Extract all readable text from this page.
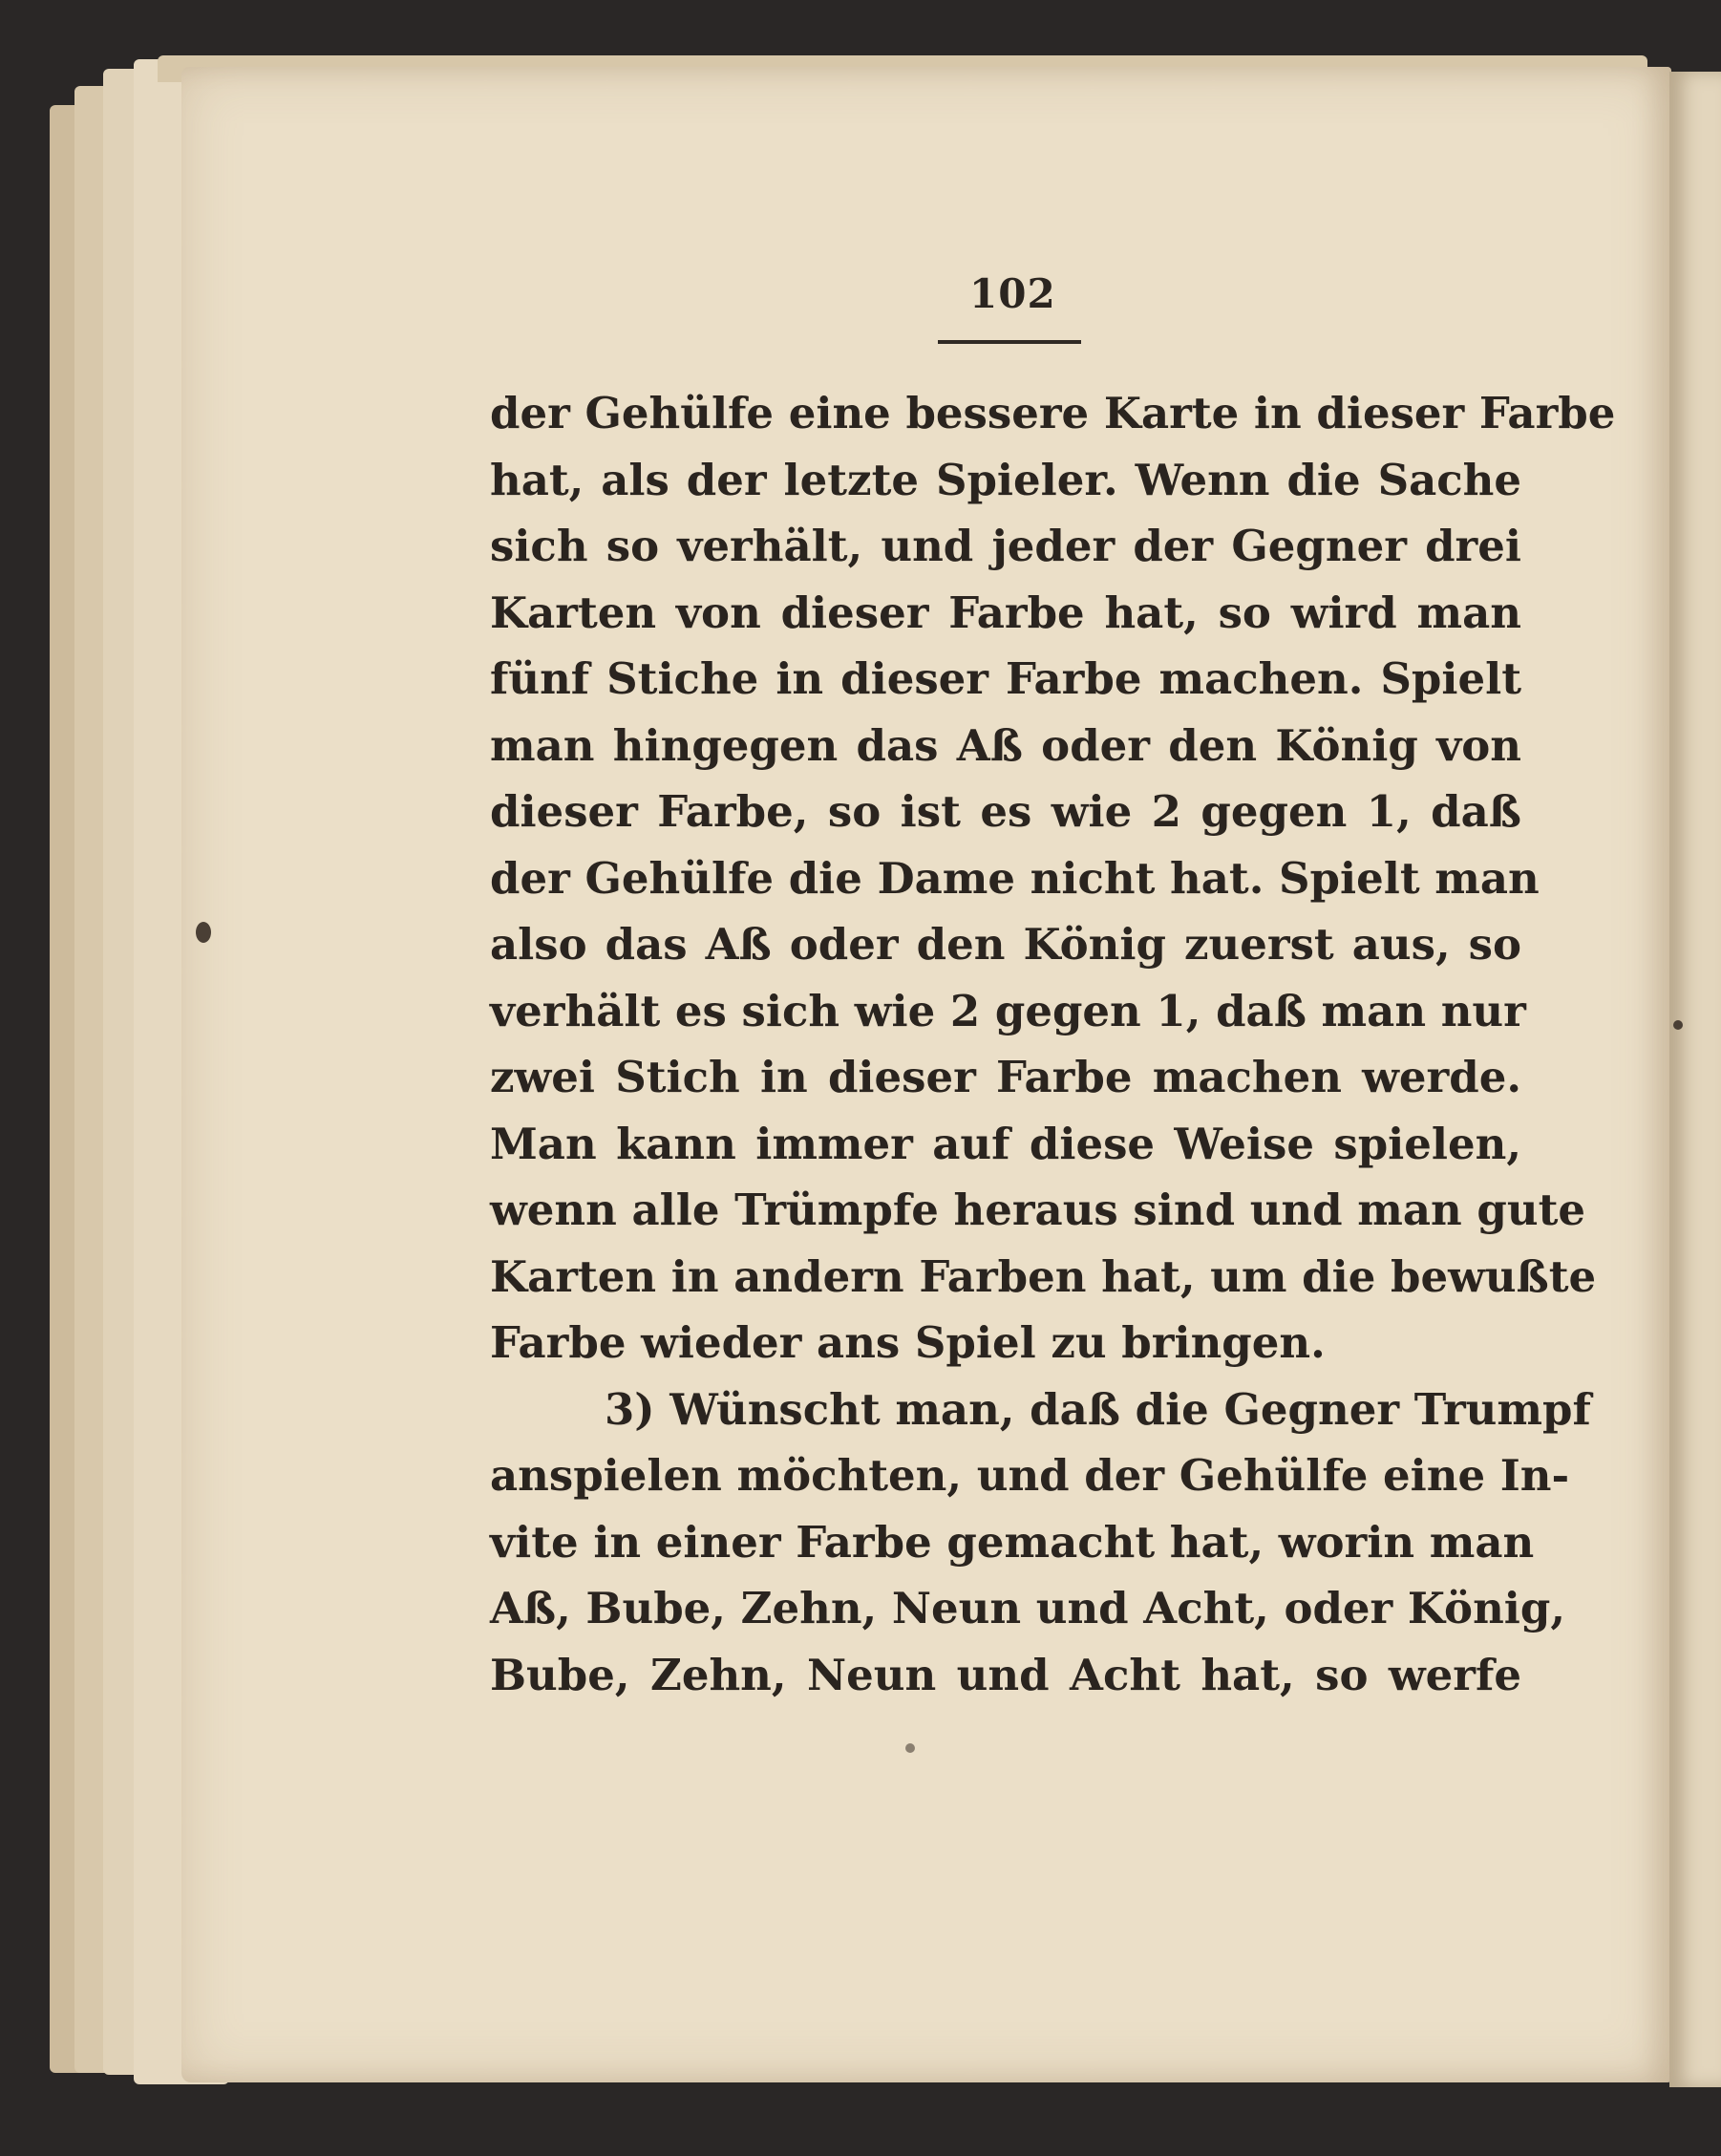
102
der Gehülfe eine bessere Karte in dieser Farbe
hat, als der letzte Spieler. Wenn die Sache
sich so verhält, und jeder der Gegner drei
Karten von dieser Farbe hat, so wird man
fünf Stiche in dieser Farbe machen. Spielt
man hingegen das Aß oder den König von
dieser Farbe, so ist es wie 2 gegen 1, daß
der Gehülfe die Dame nicht hat. Spielt man
also das Aß oder den König zuerst aus, so
verhält es sich wie 2 gegen 1, daß man nur
zwei Stich in dieser Farbe machen werde.
Man kann immer auf diese Weise spielen,
wenn alle Trümpfe heraus sind und man gute
Karten in andern Farben hat, um die bewußte
Farbe wieder ans Spiel zu bringen.
3) Wünscht man, daß die Gegner Trumpf
anspielen möchten, und der Gehülfe eine In-
vite in einer Farbe gemacht hat, worin man
Aß, Bube, Zehn, Neun und Acht, oder König,
Bube, Zehn, Neun und Acht hat, so werfe
